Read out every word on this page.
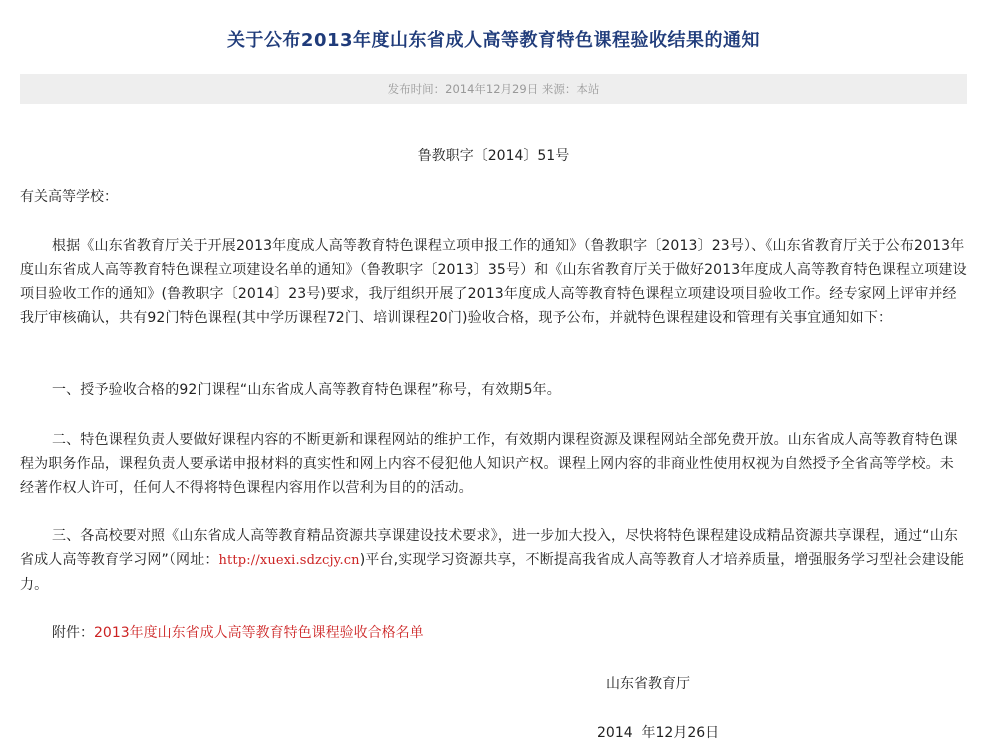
关于公布2013年度山东省成人高等教育特色课程验收结果的通知
发布时间：2014年12月29日 来源：本站
鲁教职字〔2014〕51号
有关高等学校：
根据《山东省教育厅关于开展2013年度成人高等教育特色课程立项申报工作的通知》（鲁教职字〔2013〕23号）、《山东省教育厅关于公布2013年度山东省成人高等教育特色课程立项建设名单的通知》（鲁教职字〔2013〕35号）和《山东省教育厅关于做好2013年度成人高等教育特色课程立项建设项目验收工作的通知》(鲁教职字〔2014〕23号)要求，我厅组织开展了2013年度成人高等教育特色课程立项建设项目验收工作。经专家网上评审并经我厅审核确认，共有92门特色课程(其中学历课程72门、培训课程20门)验收合格，现予公布，并就特色课程建设和管理有关事宜通知如下：
一、授予验收合格的92门课程“山东省成人高等教育特色课程”称号，有效期5年。
二、特色课程负责人要做好课程内容的不断更新和课程网站的维护工作，有效期内课程资源及课程网站全部免费开放。山东省成人高等教育特色课程为职务作品，课程负责人要承诺申报材料的真实性和网上内容不侵犯他人知识产权。课程上网内容的非商业性使用权视为自然授予全省高等学校。未经著作权人许可，任何人不得将特色课程内容用作以营利为目的的活动。
三、各高校要对照《山东省成人高等教育精品资源共享课建设技术要求》，进一步加大投入，尽快将特色课程建设成精品资源共享课程，通过“山东省成人高等教育学习网”（网址：http://xuexi.sdzcjy.cn)平台,实现学习资源共享，不断提高我省成人高等教育人才培养质量，增强服务学习型社会建设能力。
附件：2013年度山东省成人高等教育特色课程验收合格名单
山东省教育厅
2014  年12月26日
